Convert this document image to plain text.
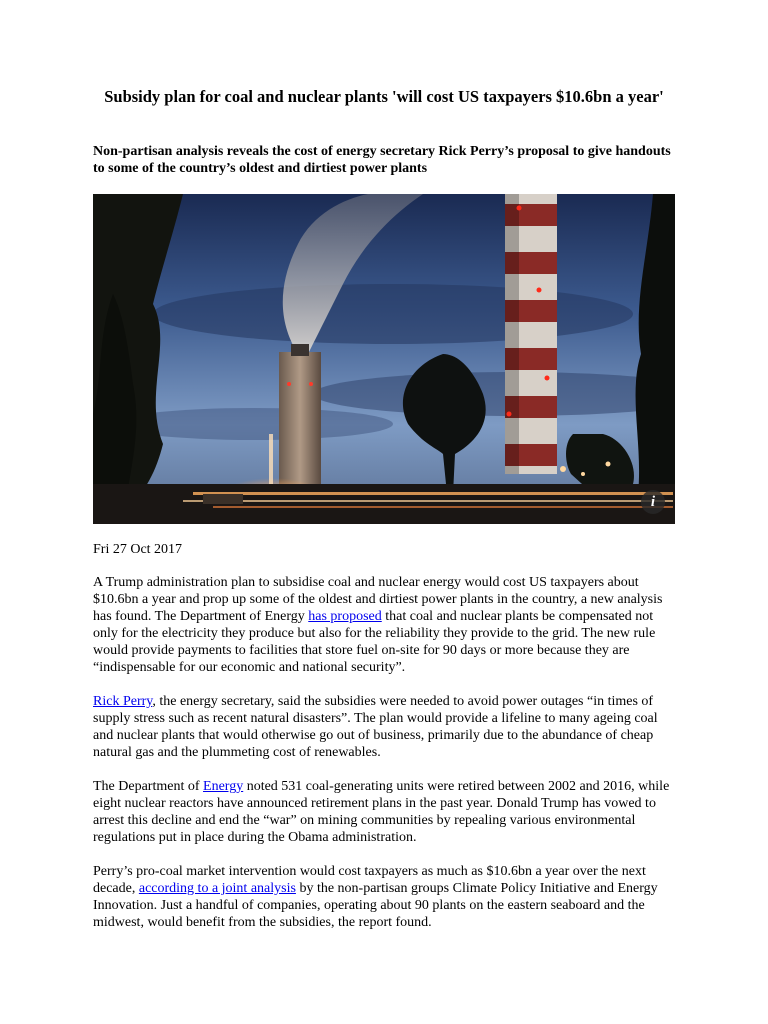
Subsidy plan for coal and nuclear plants 'will cost US taxpayers $10.6bn a year'
Non-partisan analysis reveals the cost of energy secretary Rick Perry’s proposal to give handouts to some of the country’s oldest and dirtiest power plants
i

Fri 27 Oct 2017

A Trump administration plan to subsidise coal and nuclear energy would cost US taxpayers about $10.6bn a year and prop up some of the oldest and dirtiest power plants in the country, a new analysis has found. The Department of Energy has proposed that coal and nuclear plants be compensated not only for the electricity they produce but also for the reliability they provide to the grid. The new rule would provide payments to facilities that store fuel on-site for 90 days or more because they are “indispensable for our economic and national security”.

Rick Perry, the energy secretary, said the subsidies were needed to avoid power outages “in times of supply stress such as recent natural disasters”. The plan would provide a lifeline to many ageing coal and nuclear plants that would otherwise go out of business, primarily due to the abundance of cheap natural gas and the plummeting cost of renewables.

The Department of Energy noted 531 coal-generating units were retired between 2002 and 2016, while eight nuclear reactors have announced retirement plans in the past year. Donald Trump has vowed to arrest this decline and end the “war” on mining communities by repealing various environmental regulations put in place during the Obama administration.

Perry’s pro-coal market intervention would cost taxpayers as much as $10.6bn a year over the next decade, according to a joint analysis by the non-partisan groups Climate Policy Initiative and Energy Innovation. Just a handful of companies, operating about 90 plants on the eastern seaboard and the midwest, would benefit from the subsidies, the report found.
